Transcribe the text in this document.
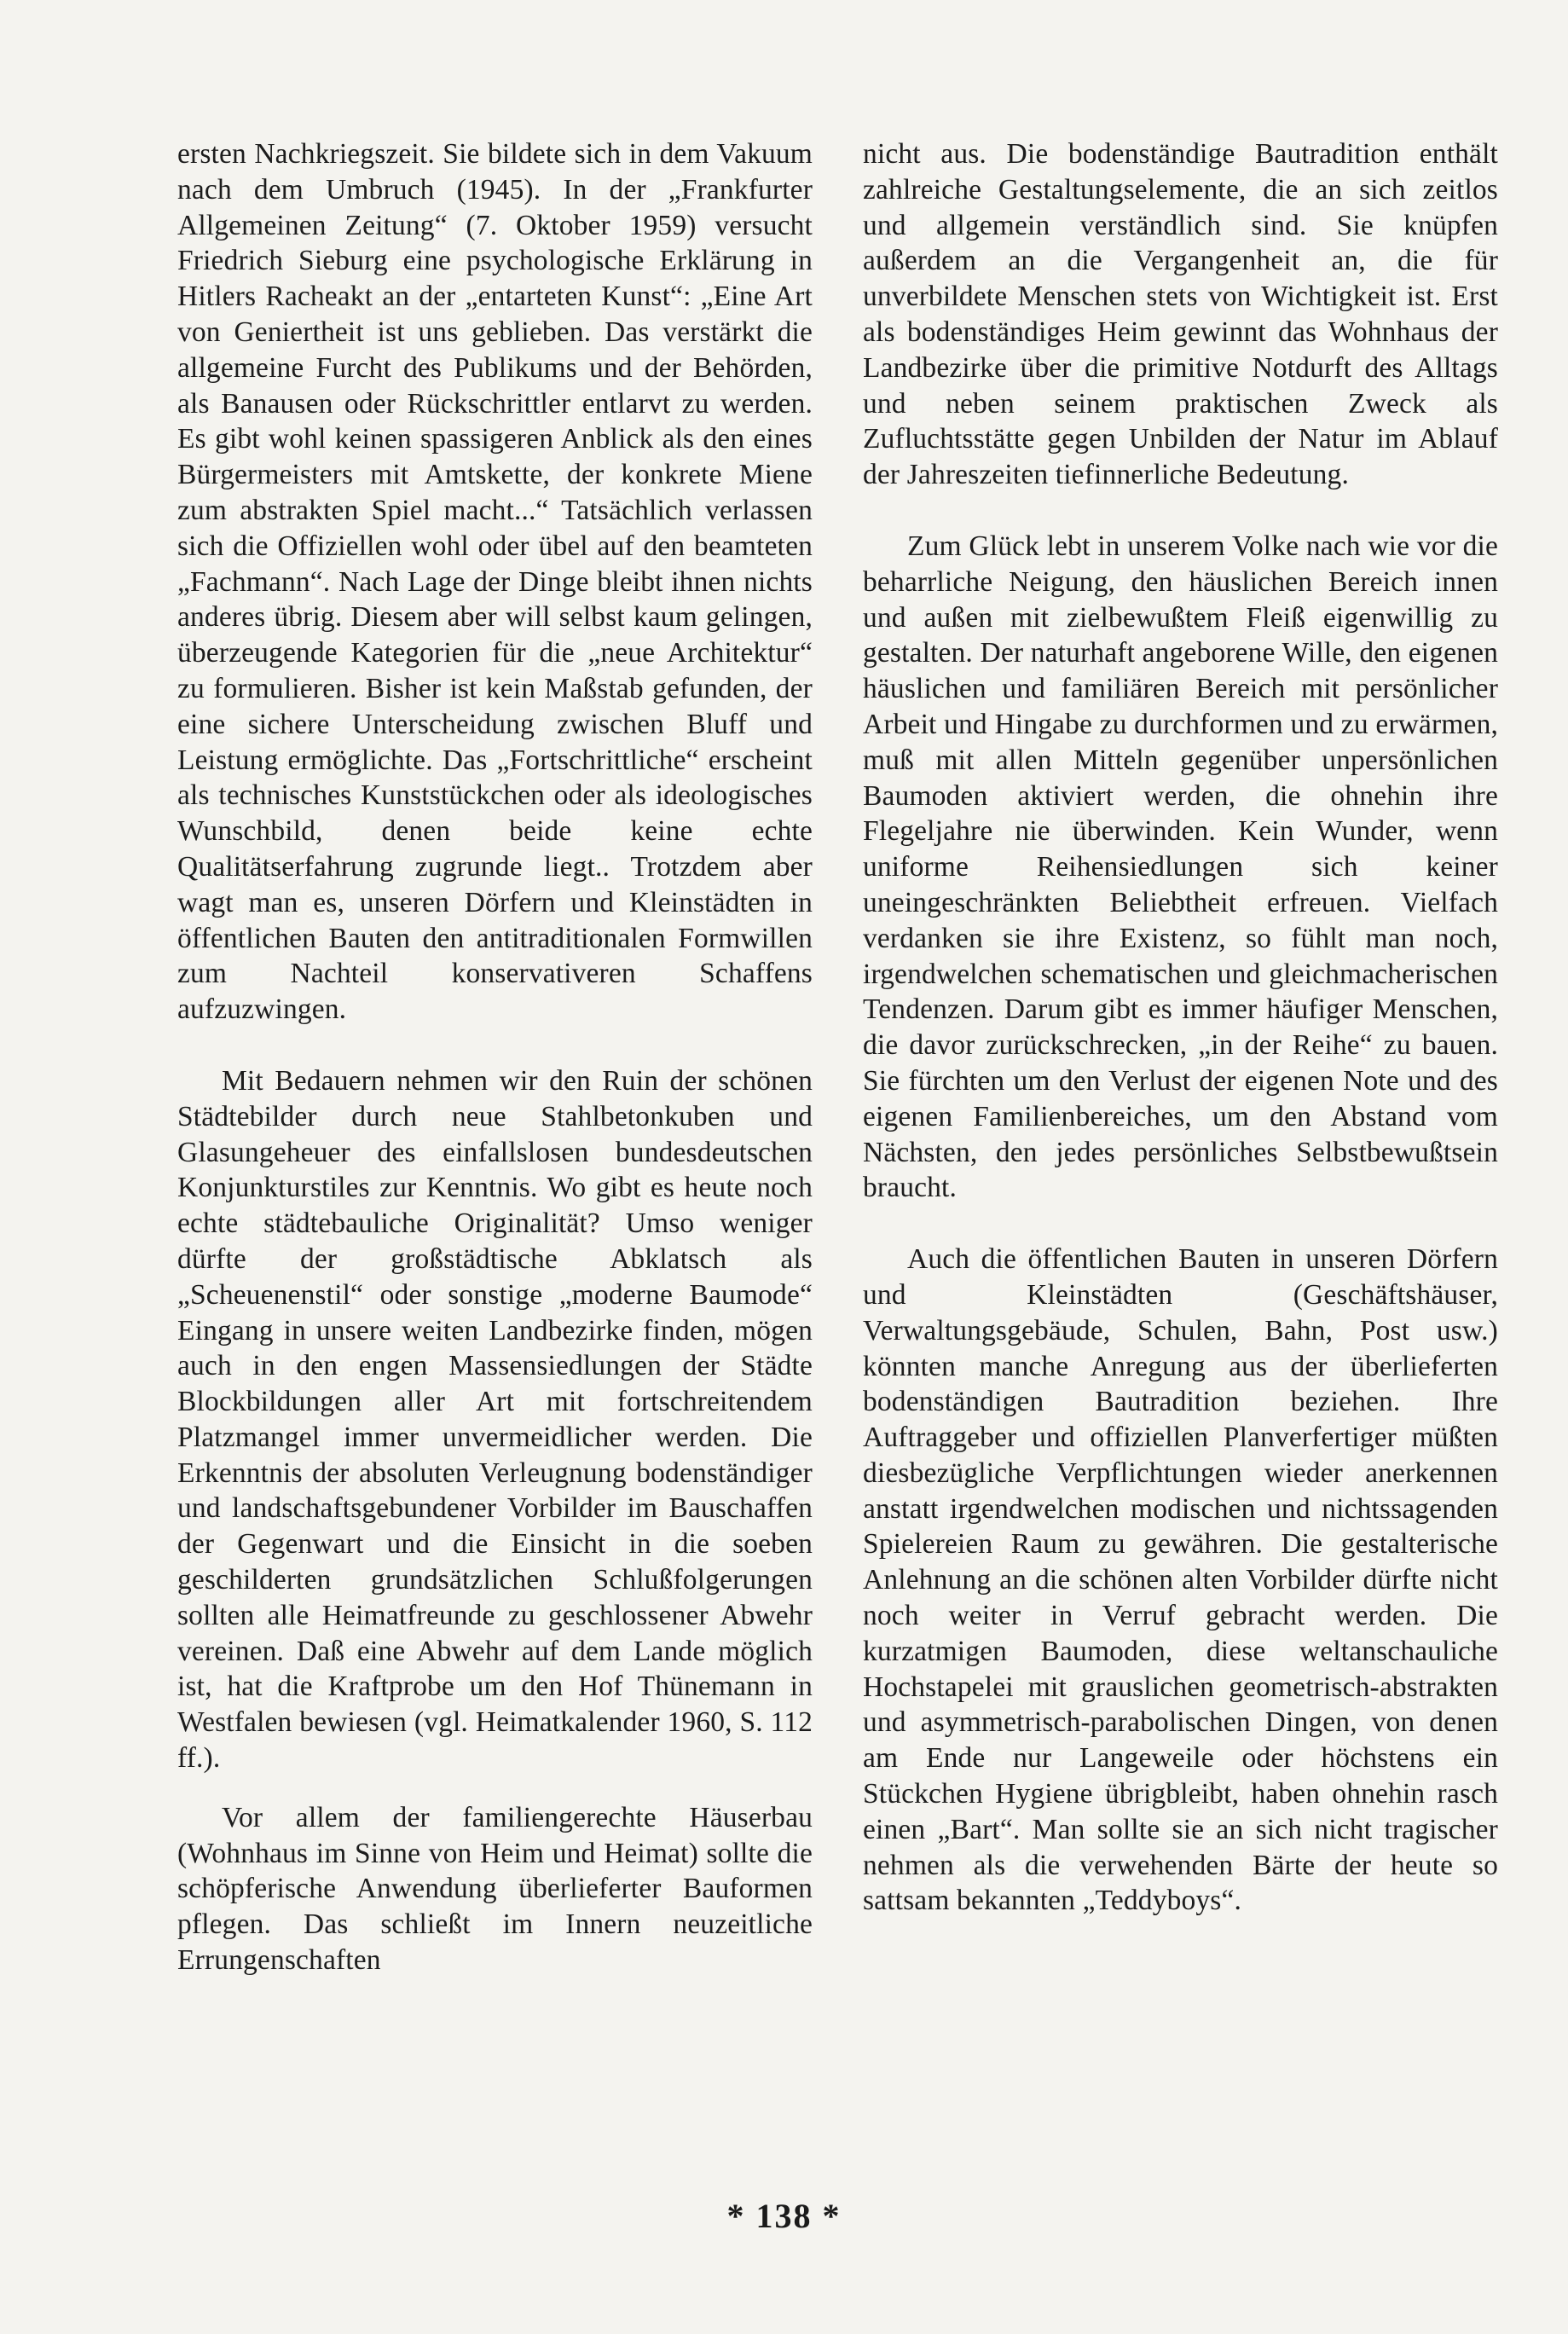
ersten Nachkriegszeit. Sie bildete sich in dem Vakuum nach dem Umbruch (1945). In der „Frankfurter Allgemeinen Zeitung“ (7. Oktober 1959) versucht Friedrich Sieburg eine psychologische Erklärung in Hitlers Racheakt an der „entarteten Kunst“: „Eine Art von Geniertheit ist uns geblieben. Das verstärkt die allgemeine Furcht des Publikums und der Behörden, als Banausen oder Rückschrittler entlarvt zu werden. Es gibt wohl keinen spassigeren Anblick als den eines Bürgermeisters mit Amtskette, der konkrete Miene zum abstrakten Spiel macht...“ Tatsächlich verlassen sich die Offiziellen wohl oder übel auf den beamteten „Fachmann“. Nach Lage der Dinge bleibt ihnen nichts anderes übrig. Diesem aber will selbst kaum gelingen, überzeugende Kategorien für die „neue Architektur“ zu formulieren. Bisher ist kein Maßstab gefunden, der eine sichere Unterscheidung zwischen Bluff und Leistung ermöglichte. Das „Fortschrittliche“ erscheint als technisches Kunststückchen oder als ideologisches Wunschbild, denen beide keine echte Qualitätserfahrung zugrunde liegt.. Trotzdem aber wagt man es, unseren Dörfern und Kleinstädten in öffentlichen Bauten den antitraditionalen Formwillen zum Nachteil konservativeren Schaffens aufzuzwingen.

Mit Bedauern nehmen wir den Ruin der schönen Städtebilder durch neue Stahlbetonkuben und Glasungeheuer des einfallslosen bundesdeutschen Konjunkturstiles zur Kenntnis. Wo gibt es heute noch echte städtebauliche Originalität? Umso weniger dürfte der großstädtische Abklatsch als „Scheuenenstil“ oder sonstige „moderne Baumode“ Eingang in unsere weiten Landbezirke finden, mögen auch in den engen Massensiedlungen der Städte Blockbildungen aller Art mit fortschreitendem Platzmangel immer unvermeidlicher werden. Die Erkenntnis der absoluten Verleugnung bodenständiger und landschaftsgebundener Vorbilder im Bauschaffen der Gegenwart und die Einsicht in die soeben geschilderten grundsätzlichen Schlußfolgerungen sollten alle Heimatfreunde zu geschlossener Abwehr vereinen. Daß eine Abwehr auf dem Lande möglich ist, hat die Kraftprobe um den Hof Thünemann in Westfalen bewiesen (vgl. Heimatkalender 1960, S. 112 ff.).

Vor allem der familiengerechte Häuserbau (Wohnhaus im Sinne von Heim und Heimat) sollte die schöpferische Anwendung überlieferter Bauformen pflegen. Das schließt im Innern neuzeitliche Errungenschaften

nicht aus. Die bodenständige Bautradition enthält zahlreiche Gestaltungselemente, die an sich zeitlos und allgemein verständlich sind. Sie knüpfen außerdem an die Vergangenheit an, die für unverbildete Menschen stets von Wichtigkeit ist. Erst als bodenständiges Heim gewinnt das Wohnhaus der Landbezirke über die primitive Notdurft des Alltags und neben seinem praktischen Zweck als Zufluchtsstätte gegen Unbilden der Natur im Ablauf der Jahreszeiten tiefinnerliche Bedeutung.

Zum Glück lebt in unserem Volke nach wie vor die beharrliche Neigung, den häuslichen Bereich innen und außen mit zielbewußtem Fleiß eigenwillig zu gestalten. Der naturhaft angeborene Wille, den eigenen häuslichen und familiären Bereich mit persönlicher Arbeit und Hingabe zu durchformen und zu erwärmen, muß mit allen Mitteln gegenüber unpersönlichen Baumoden aktiviert werden, die ohnehin ihre Flegeljahre nie überwinden. Kein Wunder, wenn uniforme Reihensiedlungen sich keiner uneingeschränkten Beliebtheit erfreuen. Vielfach verdanken sie ihre Existenz, so fühlt man noch, irgendwelchen schematischen und gleichmacherischen Tendenzen. Darum gibt es immer häufiger Menschen, die davor zurückschrecken, „in der Reihe“ zu bauen. Sie fürchten um den Verlust der eigenen Note und des eigenen Familienbereiches, um den Abstand vom Nächsten, den jedes persönliches Selbstbewußtsein braucht.

Auch die öffentlichen Bauten in unseren Dörfern und Kleinstädten (Geschäftshäuser, Verwaltungsgebäude, Schulen, Bahn, Post usw.) könnten manche Anregung aus der überlieferten bodenständigen Bautradition beziehen. Ihre Auftraggeber und offiziellen Planverfertiger müßten diesbezügliche Verpflichtungen wieder anerkennen anstatt irgendwelchen modischen und nichtssagenden Spielereien Raum zu gewähren. Die gestalterische Anlehnung an die schönen alten Vorbilder dürfte nicht noch weiter in Verruf gebracht werden. Die kurzatmigen Baumoden, diese weltanschauliche Hochstapelei mit grauslichen geometrisch-abstrakten und asymmetrisch-parabolischen Dingen, von denen am Ende nur Langeweile oder höchstens ein Stückchen Hygiene übrigbleibt, haben ohnehin rasch einen „Bart“. Man sollte sie an sich nicht tragischer nehmen als die verwehenden Bärte der heute so sattsam bekannten „Teddyboys“.

* 138 *
